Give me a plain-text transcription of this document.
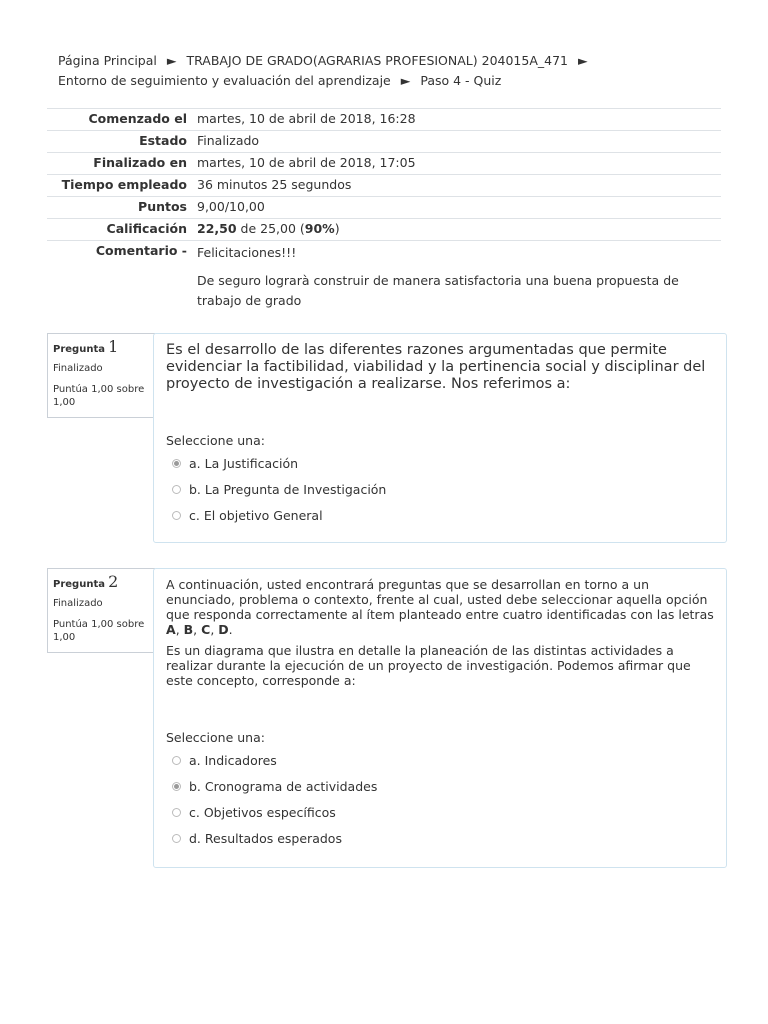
Página Principal ► TRABAJO DE GRADO(AGRARIAS PROFESIONAL) 204015A_471 ►
Entorno de seguimiento y evaluación del aprendizaje ► Paso 4 - Quiz
Comenzado el	martes, 10 de abril de 2018, 16:28
Estado	Finalizado
Finalizado en	martes, 10 de abril de 2018, 17:05
Tiempo empleado	36 minutos 25 segundos
Puntos	9,00/10,00
Calificación	22,50 de 25,00 (90%)
Comentario -	Felicitaciones!!!

De seguro lograrà construir de manera satisfactoria una buena propuesta de trabajo de grado

Pregunta 1
Finalizado
Puntúa 1,00 sobre 1,00
Es el desarrollo de las diferentes razones argumentadas que permite evidenciar la factibilidad, viabilidad y la pertinencia social y disciplinar del proyecto de investigación a realizarse. Nos referimos a:
Seleccione una:
a. La Justificación
b. La Pregunta de Investigación
c. El objetivo General
Pregunta 2
Finalizado
Puntúa 1,00 sobre 1,00

A continuación, usted encontrará preguntas que se desarrollan en torno a un enunciado, problema o contexto, frente al cual, usted debe seleccionar aquella opción que responda correctamente al ítem planteado entre cuatro identificadas con las letras A, B, C, D.

Es un diagrama que ilustra en detalle la planeación de las distintas actividades a realizar durante la ejecución de un proyecto de investigación. Podemos afirmar que este concepto, corresponde a:

Seleccione una:
a. Indicadores
b. Cronograma de actividades
c. Objetivos específicos
d. Resultados esperados
